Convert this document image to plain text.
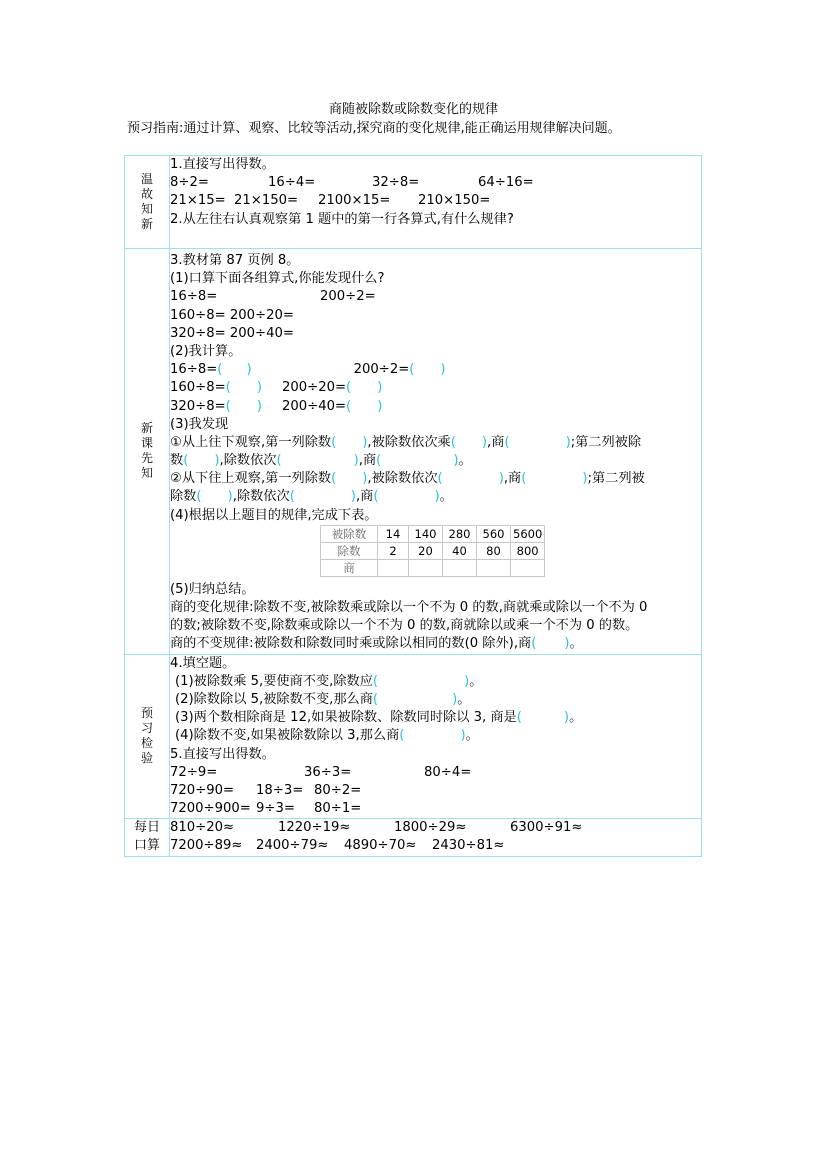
商随被除数或除数变化的规律
预习指南:通过计算、观察、比较等活动,探究商的变化规律,能正确运用规律解决问题。
温故知新	
1.直接写出得数。
8÷2=	16÷4=	32÷8=	64÷16=
21×15= 21×150= 2100×15= 210×150=
2.从左往右认真观察第 1 题中的第一行各算式,有什么规律?

新课先知	
3.教材第 87 页例 8。
(1)口算下面各组算式,你能发现什么?
16÷8=	200÷2=
160÷8= 200÷20=
320÷8= 200÷40=
(2)我计算。
16÷8=( )	200÷2=( )
160÷8=( ) 200÷20=( )
320÷8=( ) 200÷40=( )
(3)我发现
①从上往下观察,第一列除数( ),被除数依次乘( ),商(	);第二列被除
数( ),除数依次(	),商(	)。
②从下往上观察,第一列除数( ),被除数依次(	),商(	);第二列被
除数( ),除数依次(	),商(	)。
(4)根据以上题目的规律,完成下表。
被除数	14	140	280	560	5600
除数	2	20	40	80	800
商					
(5)归纳总结。
商的变化规律:除数不变,被除数乘或除以一个不为 0 的数,商就乘或除以一个不为 0
的数;被除数不变,除数乘或除以一个不为 0 的数,商就除以或乘一个不为 0 的数。
商的不变规律:被除数和除数同时乘或除以相同的数(0 除外),商( )。

预习检验	
4.填空题。
(1)被除数乘 5,要使商不变,除数应(	)。
(2)除数除以 5,被除数不变,那么商(	)。
(3)两个数相除商是 12,如果被除数、除数同时除以 3, 商是(	)。
(4)除数不变,如果被除数除以 3,那么商(	)。
5.直接写出得数。
72÷9=	36÷3=	80÷4=
720÷90= 18÷3= 80÷2=
7200÷900= 9÷3= 80÷1=

每日口算	
810÷20≈	1220÷19≈	1800÷29≈	6300÷91≈
7200÷89≈ 2400÷79≈ 4890÷70≈ 2430÷81≈
